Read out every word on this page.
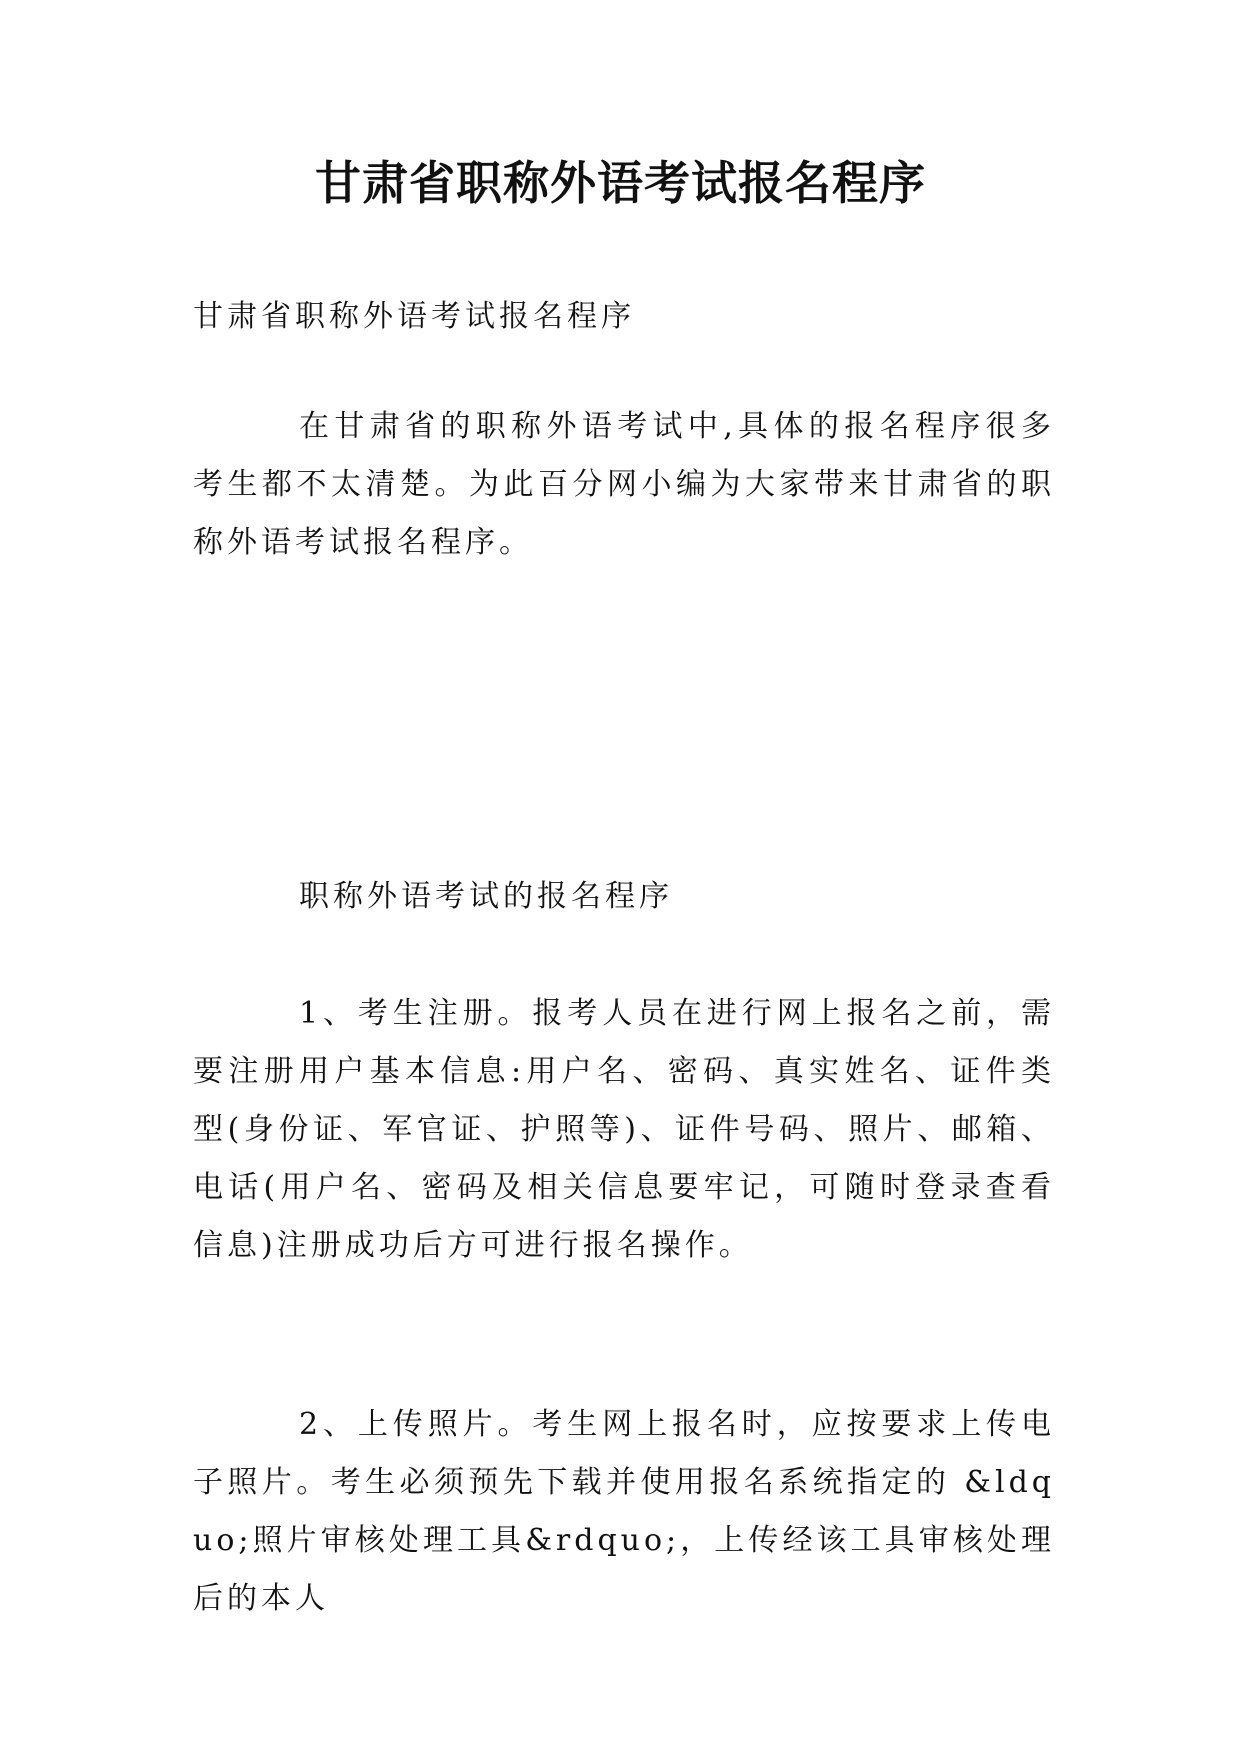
甘肃省职称外语考试报名程序

甘肃省职称外语考试报名程序

在甘肃省的职称外语考试中,具体的报名程序很多考生都不太清楚。为此百分网小编为大家带来甘肃省的职称外语考试报名程序。

职称外语考试的报名程序

1、考生注册。报考人员在进行网上报名之前，需要注册用户基本信息:用户名、密码、真实姓名、证件类型(身份证、军官证、护照等)、证件号码、照片、邮箱、电话(用户名、密码及相关信息要牢记，可随时登录查看信息)注册成功后方可进行报名操作。

2、上传照片。考生网上报名时，应按要求上传电子照片。考生必须预先下载并使用报名系统指定的 &ldquo;照片审核处理工具&rdquo;，上传经该工具审核处理后的本人
